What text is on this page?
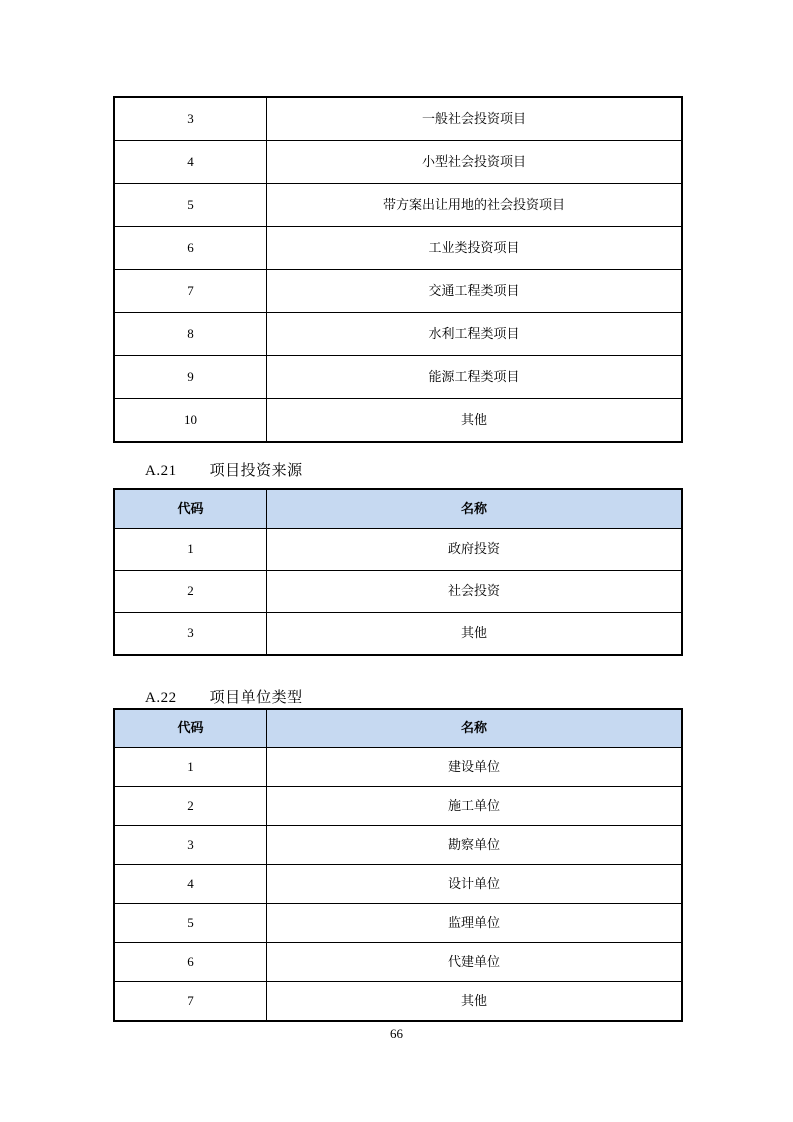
3	一般社会投资项目
4	小型社会投资项目
5	带方案出让用地的社会投资项目
6	工业类投资项目
7	交通工程类项目
8	水利工程类项目
9	能源工程类项目
10	其他
A.21 项目投资来源
代码	名称
1	政府投资
2	社会投资
3	其他
A.22 项目单位类型
代码	名称
1	建设单位
2	施工单位
3	勘察单位
4	设计单位
5	监理单位
6	代建单位
7	其他
66
